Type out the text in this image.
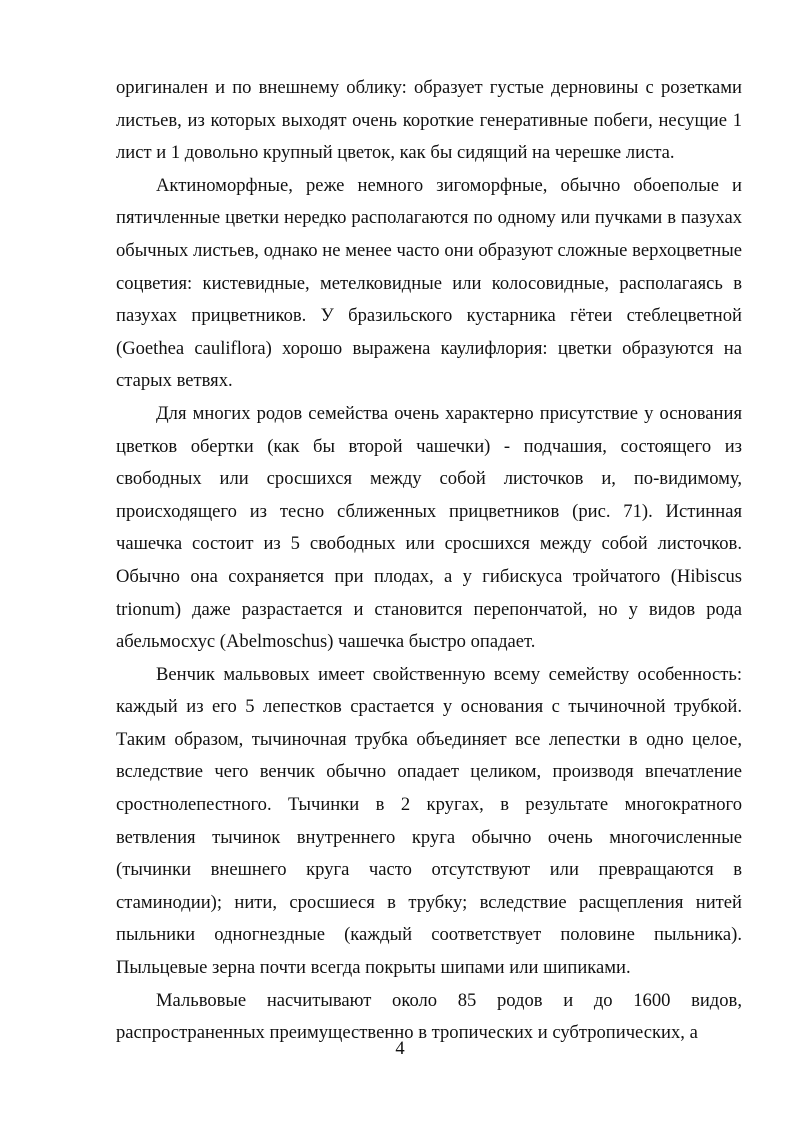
оригинален и по внешнему облику: образует густые дерновины с розетками листьев, из которых выходят очень короткие генеративные побеги, несущие 1 лист и 1 довольно крупный цветок, как бы сидящий на черешке листа.

Актиноморфные, реже немного зигоморфные, обычно обоеполые и пятичленные цветки нередко располагаются по одному или пучками в пазухах обычных листьев, однако не менее часто они образуют сложные верхоцветные соцветия: кистевидные, метелковидные или колосовидные, располагаясь в пазухах прицветников. У бразильского кустарника гётеи стеблецветной (Goethea cauliflora) хорошо выражена каулифлория: цветки образуются на старых ветвях.

Для многих родов семейства очень характерно присутствие у основания цветков обертки (как бы второй чашечки) - подчашия, состоящего из свободных или сросшихся между собой листочков и, по-видимому, происходящего из тесно сближенных прицветников (рис. 71). Истинная чашечка состоит из 5 свободных или сросшихся между собой листочков. Обычно она сохраняется при плодах, а у гибискуса тройчатого (Hibiscus trionum) даже разрастается и становится перепончатой, но у видов рода абельмосхус (Abelmoschus) чашечка быстро опадает.

Венчик мальвовых имеет свойственную всему семейству особенность: каждый из его 5 лепестков срастается у основания с тычиночной трубкой. Таким образом, тычиночная трубка объединяет все лепестки в одно целое, вследствие чего венчик обычно опадает целиком, производя впечатление сростнолепестного. Тычинки в 2 кругах, в результате многократного ветвления тычинок внутреннего круга обычно очень многочисленные (тычинки внешнего круга часто отсутствуют или превращаются в стаминодии); нити, сросшиеся в трубку; вследствие расщепления нитей пыльники одногнездные (каждый соответствует половине пыльника). Пыльцевые зерна почти всегда покрыты шипами или шипиками.

Мальвовые насчитывают около 85 родов и до 1600 видов, распространенных преимущественно в тропических и субтропических, а

4
